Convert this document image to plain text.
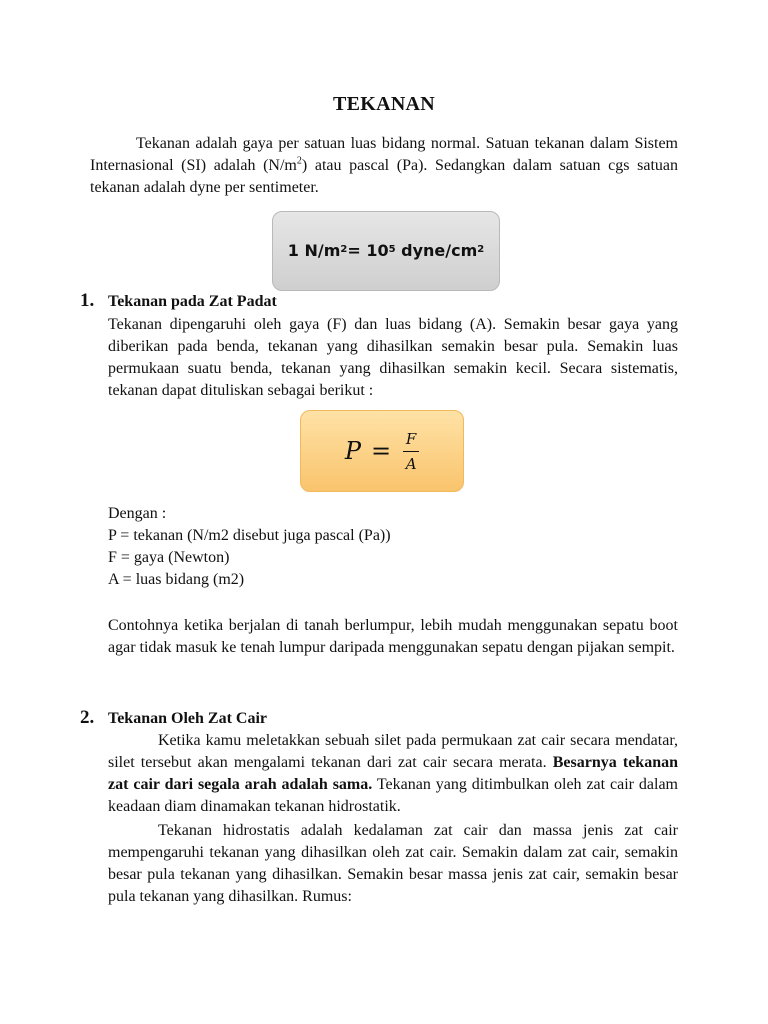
TEKANAN

Tekanan adalah gaya per satuan luas bidang normal. Satuan tekanan dalam Sistem Internasional (SI) adalah $(N/m^2)$ atau pascal (Pa). Sedangkan dalam satuan cgs satuan tekanan adalah dyne per sentimeter.

1 $N/m^2 = 10^5$ dyne/$cm^2$
1. Tekanan pada Zat Padat

Tekanan dipengaruhi oleh gaya (F) dan luas bidang (A). Semakin besar gaya yang diberikan pada benda, tekanan yang dihasilkan semakin besar pula. Semakin luas permukaan suatu benda, tekanan yang dihasilkan semakin kecil. Secara sistematis, tekanan dapat dituliskan sebagai berikut :

$P = \frac{F}{A}$
Dengan :
P = tekanan (N/m2 disebut juga pascal (Pa))
F = gaya (Newton)
A = luas bidang (m2)

Contohnya ketika berjalan di tanah berlumpur, lebih mudah menggunakan sepatu boot agar tidak masuk ke tenah lumpur daripada menggunakan sepatu dengan pijakan sempit.

2. Tekanan Oleh Zat Cair

Ketika kamu meletakkan sebuah silet pada permukaan zat cair secara mendatar, silet tersebut akan mengalami tekanan dari zat cair secara merata. Besarnya tekanan zat cair dari segala arah adalah sama. Tekanan yang ditimbulkan oleh zat cair dalam keadaan diam dinamakan tekanan hidrostatik.

Tekanan hidrostatis adalah kedalaman zat cair dan massa jenis zat cair mempengaruhi tekanan yang dihasilkan oleh zat cair. Semakin dalam zat cair, semakin besar pula tekanan yang dihasilkan. Semakin besar massa jenis zat cair, semakin besar pula tekanan yang dihasilkan. Rumus:
